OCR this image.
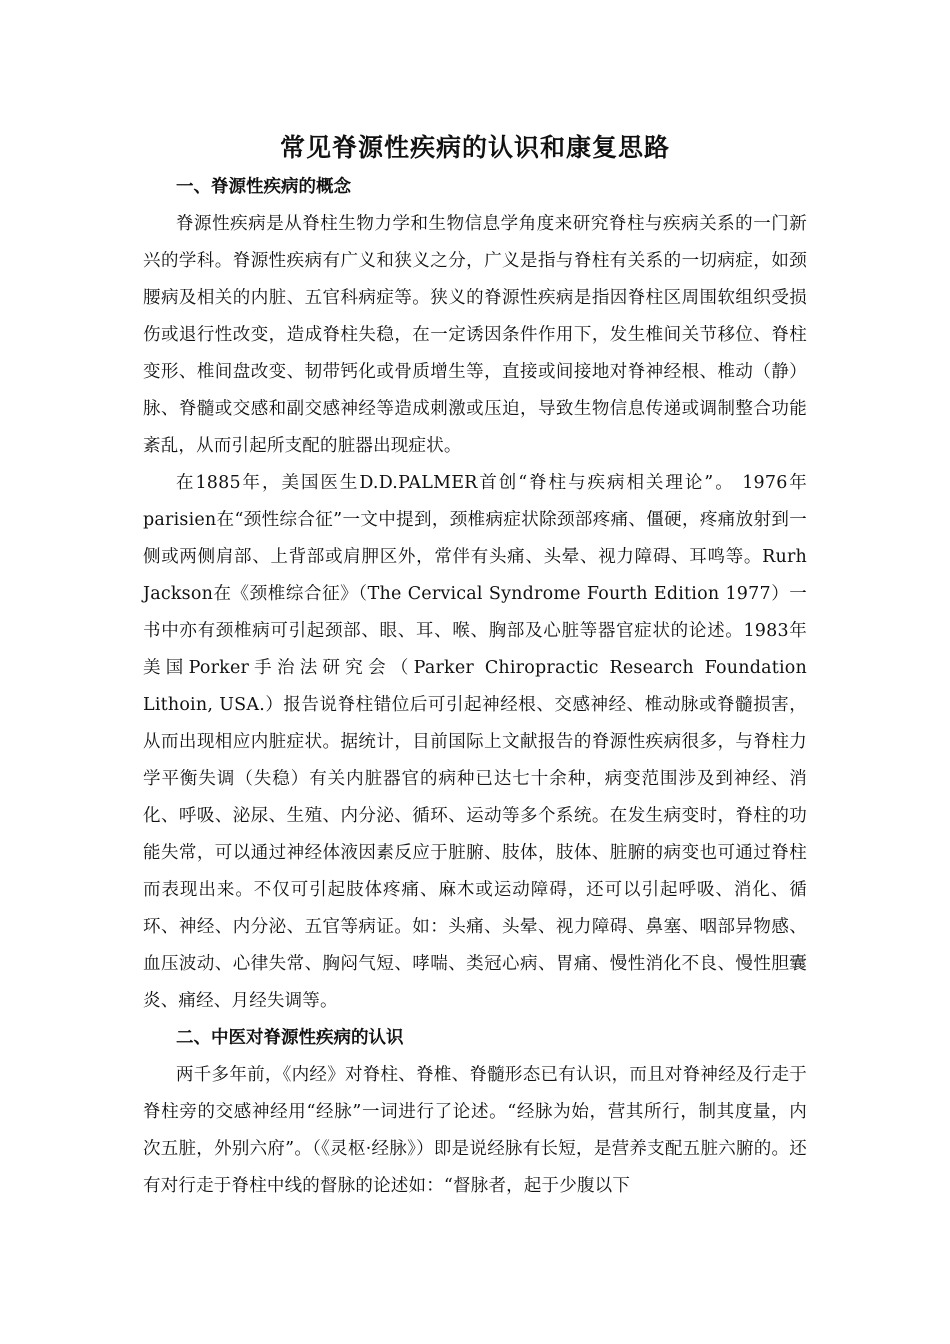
常见脊源性疾病的认识和康复思路
一、脊源性疾病的概念

脊源性疾病是从脊柱生物力学和生物信息学角度来研究脊柱与疾病关系的一门新兴的学科。脊源性疾病有广义和狭义之分，广义是指与脊柱有关系的一切病症，如颈腰病及相关的内脏、五官科病症等。狭义的脊源性疾病是指因脊柱区周围软组织受损伤或退行性改变，造成脊柱失稳，在一定诱因条件作用下，发生椎间关节移位、脊柱变形、椎间盘改变、韧带钙化或骨质增生等，直接或间接地对脊神经根、椎动（静）脉、脊髓或交感和副交感神经等造成刺激或压迫，导致生物信息传递或调制整合功能紊乱，从而引起所支配的脏器出现症状。

在1885年，美国医生D.D.PALMER首创“脊柱与疾病相关理论”。 1976年parisien在“颈性综合征”一文中提到，颈椎病症状除颈部疼痛、僵硬，疼痛放射到一侧或两侧肩部、上背部或肩胛区外，常伴有头痛、头晕、视力障碍、耳鸣等。Rurh Jackson在《颈椎综合征》（The Cervical Syndrome Fourth Edition 1977）一书中亦有颈椎病可引起颈部、眼、耳、喉、胸部及心脏等器官症状的论述。1983年美国Porker手治法研究会（Parker Chiropractic Research Foundation Lithoin, USA.）报告说脊柱错位后可引起神经根、交感神经、椎动脉或脊髓损害，从而出现相应内脏症状。据统计，目前国际上文献报告的脊源性疾病很多，与脊柱力学平衡失调（失稳）有关内脏器官的病种已达七十余种，病变范围涉及到神经、消化、呼吸、泌尿、生殖、内分泌、循环、运动等多个系统。在发生病变时，脊柱的功能失常，可以通过神经体液因素反应于脏腑、肢体，肢体、脏腑的病变也可通过脊柱而表现出来。不仅可引起肢体疼痛、麻木或运动障碍，还可以引起呼吸、消化、循环、神经、内分泌、五官等病证。如：头痛、头晕、视力障碍、鼻塞、咽部异物感、血压波动、心律失常、胸闷气短、哮喘、类冠心病、胃痛、慢性消化不良、慢性胆囊炎、痛经、月经失调等。

二、中医对脊源性疾病的认识

两千多年前，《内经》对脊柱、脊椎、脊髓形态已有认识，而且对脊神经及行走于脊柱旁的交感神经用“经脉”一词进行了论述。“经脉为始，营其所行，制其度量，内次五脏，外别六府”。（《灵枢·经脉》）即是说经脉有长短，是营养支配五脏六腑的。还有对行走于脊柱中线的督脉的论述如：“督脉者，起于少腹以下
